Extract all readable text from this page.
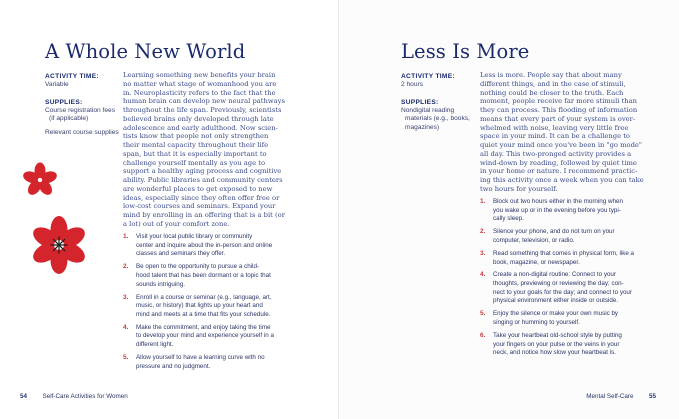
A Whole New World
ACTIVITY TIME:
Variable
SUPPLIES:
Course registration fees
(if applicable)
Relevant course supplies
Learning something new benefits your brain
no matter what stage of womanhood you are
in. Neuroplasticity refers to the fact that the
human brain can develop new neural pathways
throughout the life span. Previously, scientists
believed brains only developed through late
adolescence and early adulthood. Now scien-
tists know that people not only strengthen
their mental capacity throughout their life
span, but that it is especially important to
challenge yourself mentally as you age to
support a healthy aging process and cognitive
ability. Public libraries and community centers
are wonderful places to get exposed to new
ideas, especially since they often offer free or
low-cost courses and seminars. Expand your
mind by enrolling in an offering that is a bit (or
a lot) out of your comfort zone.
1. Visit your local public library or community
center and inquire about the in-person and online
classes and seminars they offer.
2. Be open to the opportunity to pursue a child-
hood talent that has been dormant or a topic that
sounds intriguing.
3. Enroll in a course or seminar (e.g., language, art,
music, or history) that lights up your heart and
mind and meets at a time that fits your schedule.
4. Make the commitment, and enjoy taking the time
to develop your mind and experience yourself in a
different light.
5. Allow yourself to have a learning curve with no
pressure and no judgment.
54 Self-Care Activities for Women
Less Is More
ACTIVITY TIME:
2 hours
SUPPLIES:
Nondigital reading
materials (e.g., books,
magazines)
Less is more. People say that about many
different things, and in the case of stimuli,
nothing could be closer to the truth. Each
moment, people receive far more stimuli than
they can process. This flooding of information
means that every part of your system is over-
whelmed with noise, leaving very little free
space in your mind. It can be a challenge to
quiet your mind once you've been in "go mode"
all day. This two-pronged activity provides a
wind-down by reading, followed by quiet time
in your home or nature. I recommend practic-
ing this activity once a week when you can take
two hours for yourself.
1. Block out two hours either in the morning when
you wake up or in the evening before you typi-
cally sleep.
2. Silence your phone, and do not turn on your
computer, television, or radio.
3. Read something that comes in physical form, like a
book, magazine, or newspaper.
4. Create a non-digital routine: Connect to your
thoughts, previewing or reviewing the day; con-
nect to your goals for the day; and connect to your
physical environment either inside or outside.
5. Enjoy the silence or make your own music by
singing or humming to yourself.
6. Take your heartbeat old-school style by putting
your fingers on your pulse or the veins in your
neck, and notice how slow your heartbeat is.
Mental Self-Care 55
